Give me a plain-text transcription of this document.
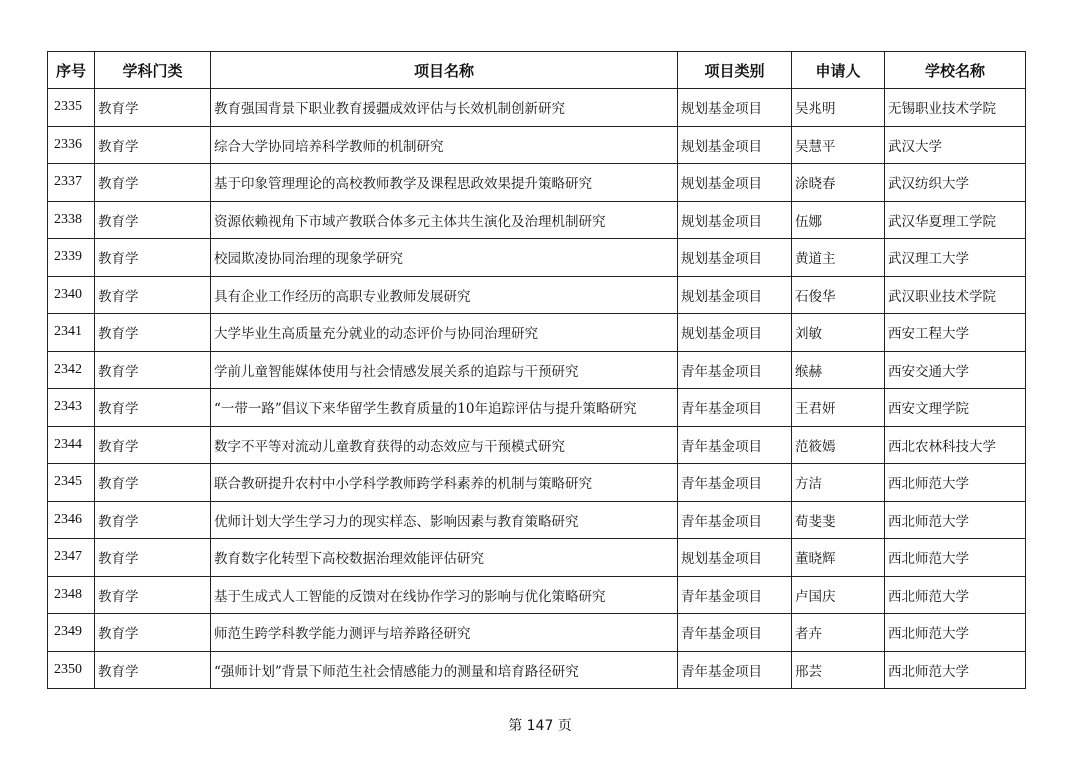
序号	学科门类	项目名称	项目类别	申请人	学校名称
2335	教育学	教育强国背景下职业教育援疆成效评估与长效机制创新研究	规划基金项目	吴兆明	无锡职业技术学院
2336	教育学	综合大学协同培养科学教师的机制研究	规划基金项目	吴慧平	武汉大学
2337	教育学	基于印象管理理论的高校教师教学及课程思政效果提升策略研究	规划基金项目	涂晓春	武汉纺织大学
2338	教育学	资源依赖视角下市域产教联合体多元主体共生演化及治理机制研究	规划基金项目	伍娜	武汉华夏理工学院
2339	教育学	校园欺凌协同治理的现象学研究	规划基金项目	黄道主	武汉理工大学
2340	教育学	具有企业工作经历的高职专业教师发展研究	规划基金项目	石俊华	武汉职业技术学院
2341	教育学	大学毕业生高质量充分就业的动态评价与协同治理研究	规划基金项目	刘敏	西安工程大学
2342	教育学	学前儿童智能媒体使用与社会情感发展关系的追踪与干预研究	青年基金项目	缑赫	西安交通大学
2343	教育学	“一带一路”倡议下来华留学生教育质量的10年追踪评估与提升策略研究	青年基金项目	王君妍	西安文理学院
2344	教育学	数字不平等对流动儿童教育获得的动态效应与干预模式研究	青年基金项目	范筱嫣	西北农林科技大学
2345	教育学	联合教研提升农村中小学科学教师跨学科素养的机制与策略研究	青年基金项目	方洁	西北师范大学
2346	教育学	优师计划大学生学习力的现实样态、影响因素与教育策略研究	青年基金项目	荀斐斐	西北师范大学
2347	教育学	教育数字化转型下高校数据治理效能评估研究	规划基金项目	董晓辉	西北师范大学
2348	教育学	基于生成式人工智能的反馈对在线协作学习的影响与优化策略研究	青年基金项目	卢国庆	西北师范大学
2349	教育学	师范生跨学科教学能力测评与培养路径研究	青年基金项目	者卉	西北师范大学
2350	教育学	“强师计划”背景下师范生社会情感能力的测量和培育路径研究	青年基金项目	邢芸	西北师范大学
第 147 页
